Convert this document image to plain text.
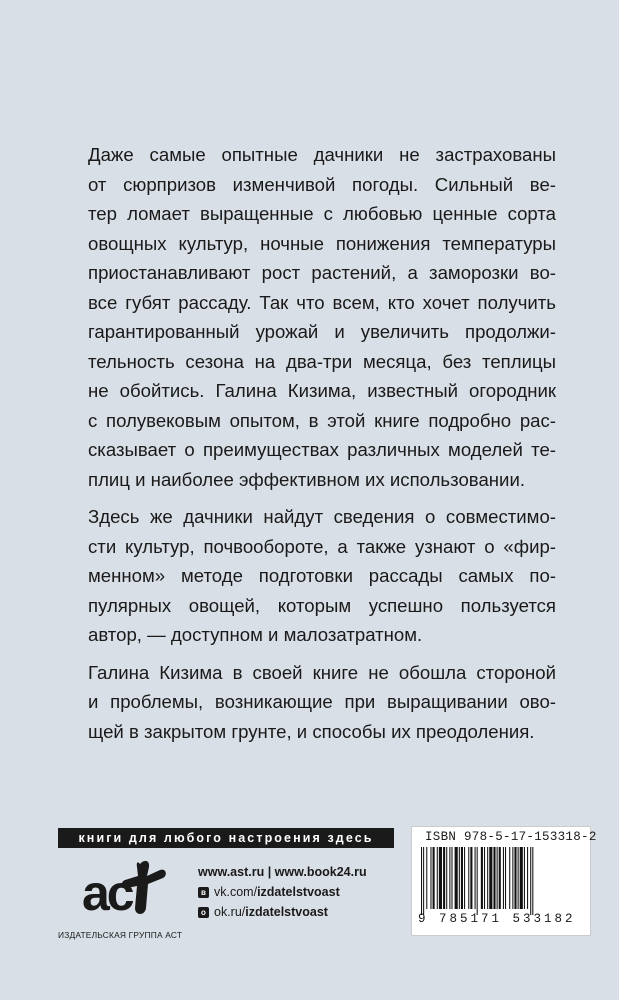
Даже самые опытные дачники не застрахованы
от сюрпризов изменчивой погоды. Сильный ве-
тер ломает выращенные с любовью ценные сорта
овощных культур, ночные понижения температуры
приостанавливают рост растений, а заморозки во-
все губят рассаду. Так что всем, кто хочет получить
гарантированный урожай и увеличить продолжи-
тельность сезона на два-три месяца, без теплицы
не обойтись. Галина Кизима, известный огородник
с полувековым опытом, в этой книге подробно рас-
сказывает о преимуществах различных моделей те-
плиц и наиболее эффективном их использовании.

Здесь же дачники найдут сведения о совместимо-
сти культур, почвообороте, а также узнают о «фир-
менном» методе подготовки рассады самых по-
пулярных овощей, которым успешно пользуется
автор, — доступном и малозатратном.

Галина Кизима в своей книге не обошла стороной
и проблемы, возникающие при выращивании ово-
щей в закрытом грунте, и способы их преодоления.

книги для любого настроения здесь
ac
ИЗДАТЕЛЬСКАЯ ГРУППА АСТ
www.ast.ru | www.book24.ru
в vk.com/ izdatelstvoast
о ok.ru/ izdatelstvoast
ISBN 978-5-17-153318-2
9 785171 533182
